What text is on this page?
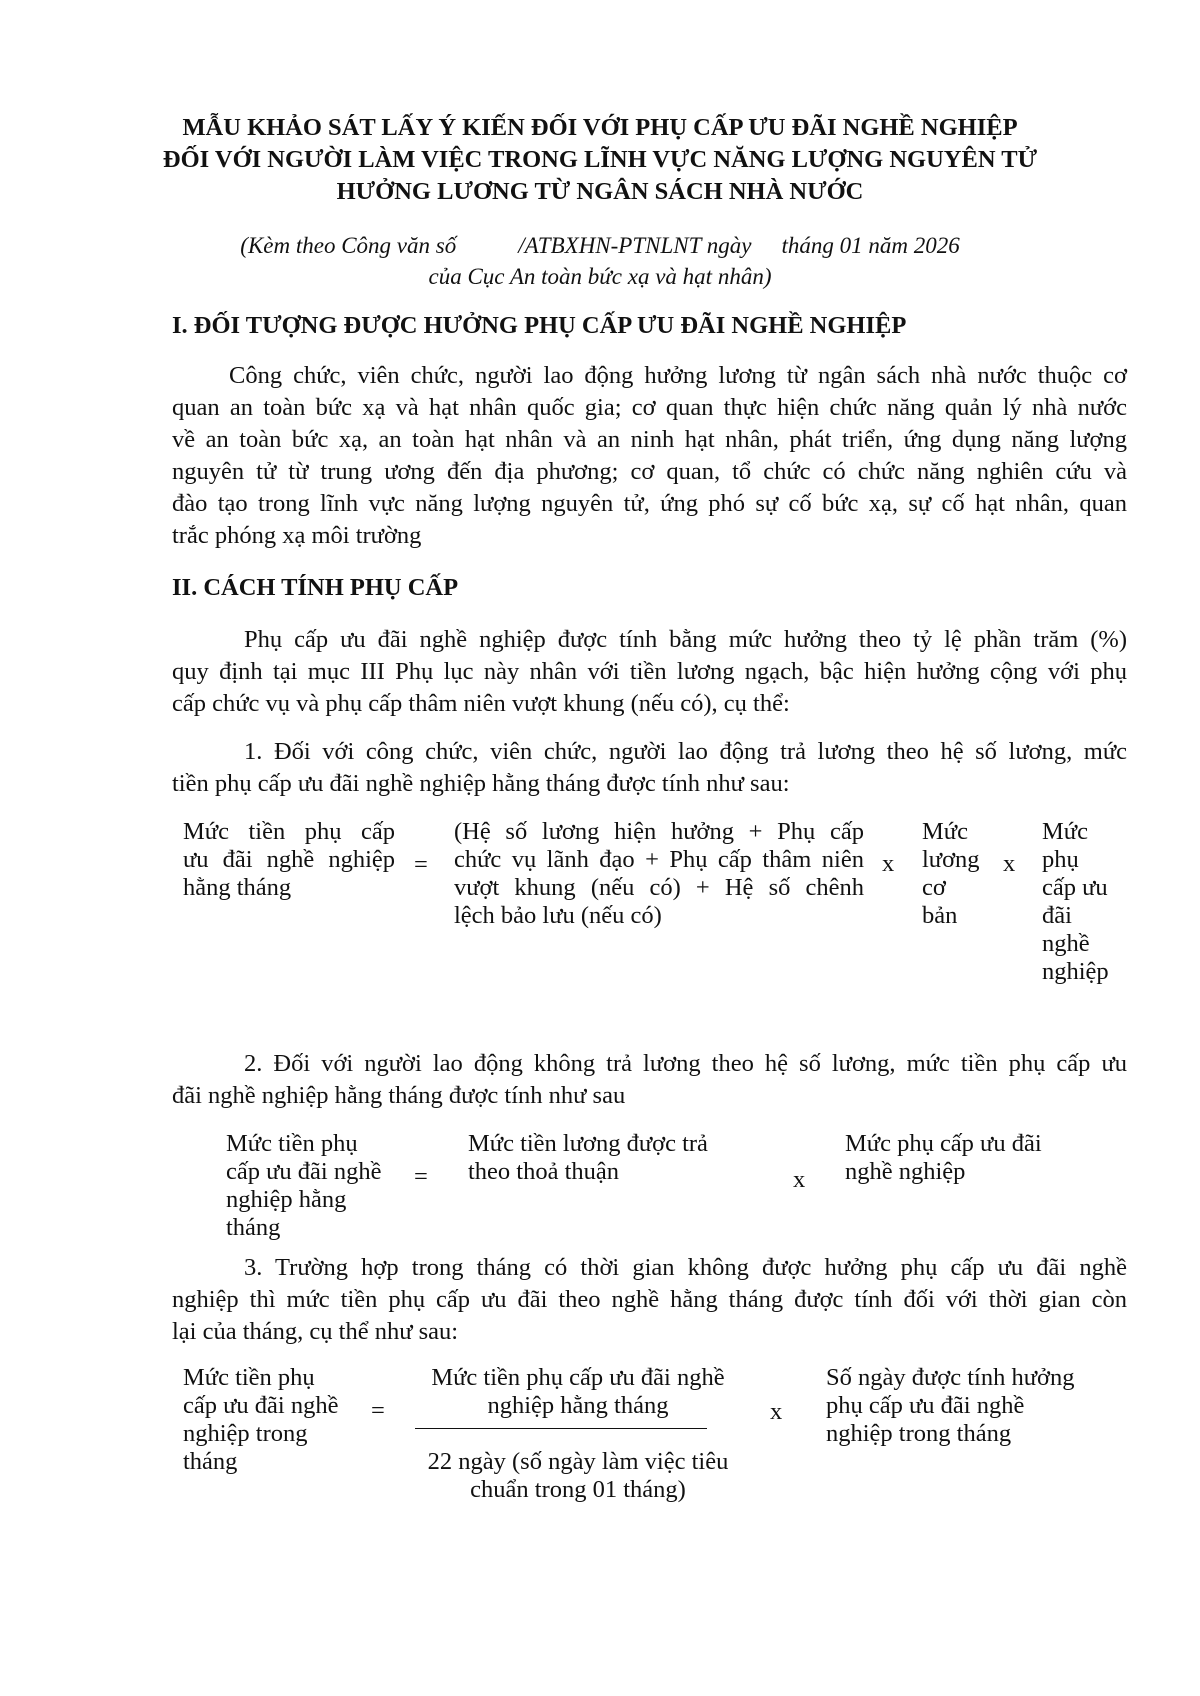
MẪU KHẢO SÁT LẤY Ý KIẾN ĐỐI VỚI PHỤ CẤP ƯU ĐÃI NGHỀ NGHIỆP
ĐỐI VỚI NGƯỜI LÀM VIỆC TRONG LĨNH VỰC NĂNG LƯỢNG NGUYÊN TỬ
HƯỞNG LƯƠNG TỪ NGÂN SÁCH NHÀ NƯỚC
(Kèm theo Công văn số	/ATBXHN-PTNLNT ngày tháng 01 năm 2026
của Cục An toàn bức xạ và hạt nhân)
I. ĐỐI TƯỢNG ĐƯỢC HƯỞNG PHỤ CẤP ƯU ĐÃI NGHỀ NGHIỆP
Công chức, viên chức, người lao động hưởng lương từ ngân sách nhà nước thuộc cơ
quan an toàn bức xạ và hạt nhân quốc gia; cơ quan thực hiện chức năng quản lý nhà nước
về an toàn bức xạ, an toàn hạt nhân và an ninh hạt nhân, phát triển, ứng dụng năng lượng
nguyên tử từ trung ương đến địa phương; cơ quan, tổ chức có chức năng nghiên cứu và
đào tạo trong lĩnh vực năng lượng nguyên tử, ứng phó sự cố bức xạ, sự cố hạt nhân, quan
trắc phóng xạ môi trường
II. CÁCH TÍNH PHỤ CẤP
Phụ cấp ưu đãi nghề nghiệp được tính bằng mức hưởng theo tỷ lệ phần trăm (%)
quy định tại mục III Phụ lục này nhân với tiền lương ngạch, bậc hiện hưởng cộng với phụ
cấp chức vụ và phụ cấp thâm niên vượt khung (nếu có), cụ thể:
1. Đối với công chức, viên chức, người lao động trả lương theo hệ số lương, mức
tiền phụ cấp ưu đãi nghề nghiệp hằng tháng được tính như sau:
Mức tiền phụ cấp
ưu đãi nghề nghiệp
hằng tháng
=
(Hệ số lương hiện hưởng + Phụ cấp
chức vụ lãnh đạo + Phụ cấp thâm niên
vượt khung (nếu có) + Hệ số chênh
lệch bảo lưu (nếu có)
x
Mức
lương
cơ
bản
x
Mức
phụ
cấp ưu
đãi
nghề
nghiệp
2. Đối với người lao động không trả lương theo hệ số lương, mức tiền phụ cấp ưu
đãi nghề nghiệp hằng tháng được tính như sau
Mức tiền phụ
cấp ưu đãi nghề
nghiệp hằng
tháng
=
Mức tiền lương được trả
theo thoả thuận	x
Mức phụ cấp ưu đãi
nghề nghiệp
3. Trường hợp trong tháng có thời gian không được hưởng phụ cấp ưu đãi nghề
nghiệp thì mức tiền phụ cấp ưu đãi theo nghề hằng tháng được tính đối với thời gian còn
lại của tháng, cụ thể như sau:
Mức tiền phụ
cấp ưu đãi nghề
nghiệp trong
tháng
=
Mức tiền phụ cấp ưu đãi nghề
nghiệp hằng tháng
22 ngày (số ngày làm việc tiêu
chuẩn trong 01 tháng)
x
Số ngày được tính hưởng
phụ cấp ưu đãi nghề
nghiệp trong tháng
